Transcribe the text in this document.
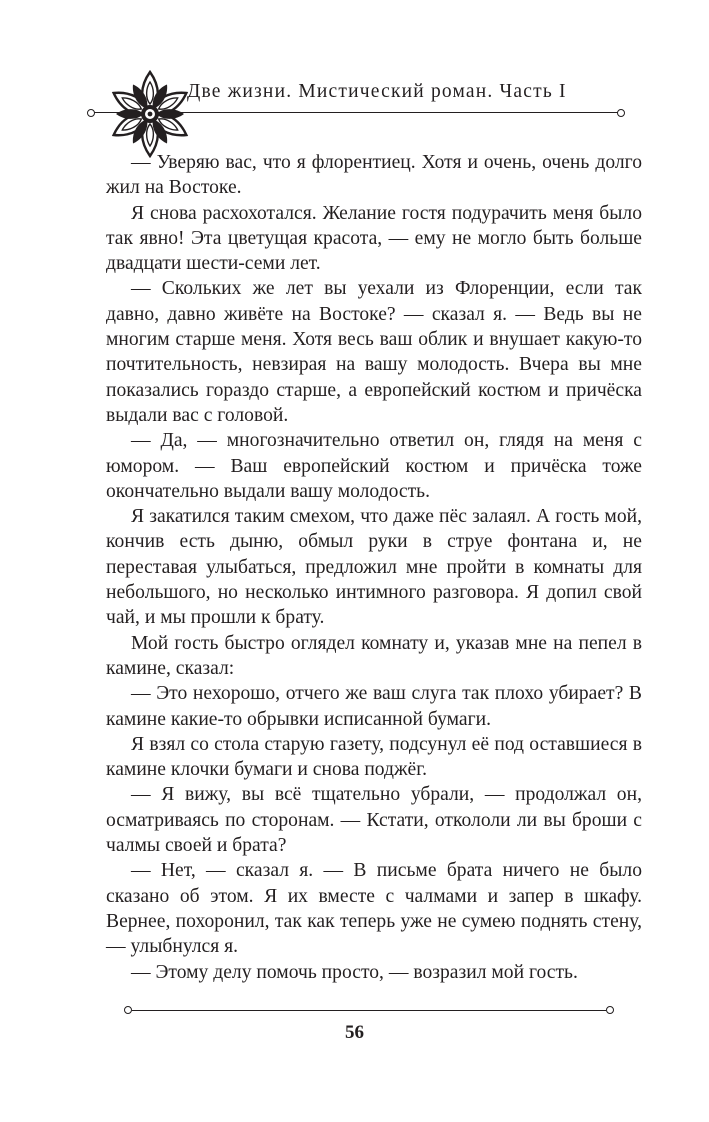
Две жизни. Мистический роман. Часть I

— Уверяю вас, что я флорентиец. Хотя и очень, очень долго жил на Востоке.

Я снова расхохотался. Желание гостя подурачить меня было так явно! Эта цветущая красота, — ему не могло быть больше двадцати шести-семи лет.

— Скольких же лет вы уехали из Флоренции, если так давно, давно живёте на Востоке? — сказал я. — Ведь вы не многим старше меня. Хотя весь ваш облик и внушает какую-то почтительность, невзирая на вашу молодость. Вчера вы мне показались гораздо старше, а европейский костюм и причёска выдали вас с головой.

— Да, — многозначительно ответил он, глядя на меня с юмором. — Ваш европейский костюм и причёска тоже окончательно выдали вашу молодость.

Я закатился таким смехом, что даже пёс залаял. А гость мой, кончив есть дыню, обмыл руки в струе фонтана и, не переставая улыбаться, предложил мне пройти в комнаты для небольшого, но несколько интимного разговора. Я допил свой чай, и мы прошли к брату.

Мой гость быстро оглядел комнату и, указав мне на пепел в камине, сказал:

— Это нехорошо, отчего же ваш слуга так плохо убирает? В камине какие-то обрывки исписанной бумаги.

Я взял со стола старую газету, подсунул её под оставшиеся в камине клочки бумаги и снова поджёг.

— Я вижу, вы всё тщательно убрали, — продолжал он, осматриваясь по сторонам. — Кстати, откололи ли вы броши с чалмы своей и брата?

— Нет, — сказал я. — В письме брата ничего не было сказано об этом. Я их вместе с чалмами и запер в шкафу. Вернее, похоронил, так как теперь уже не сумею поднять стену, — улыбнулся я.

— Этому делу помочь просто, — возразил мой гость.

56
